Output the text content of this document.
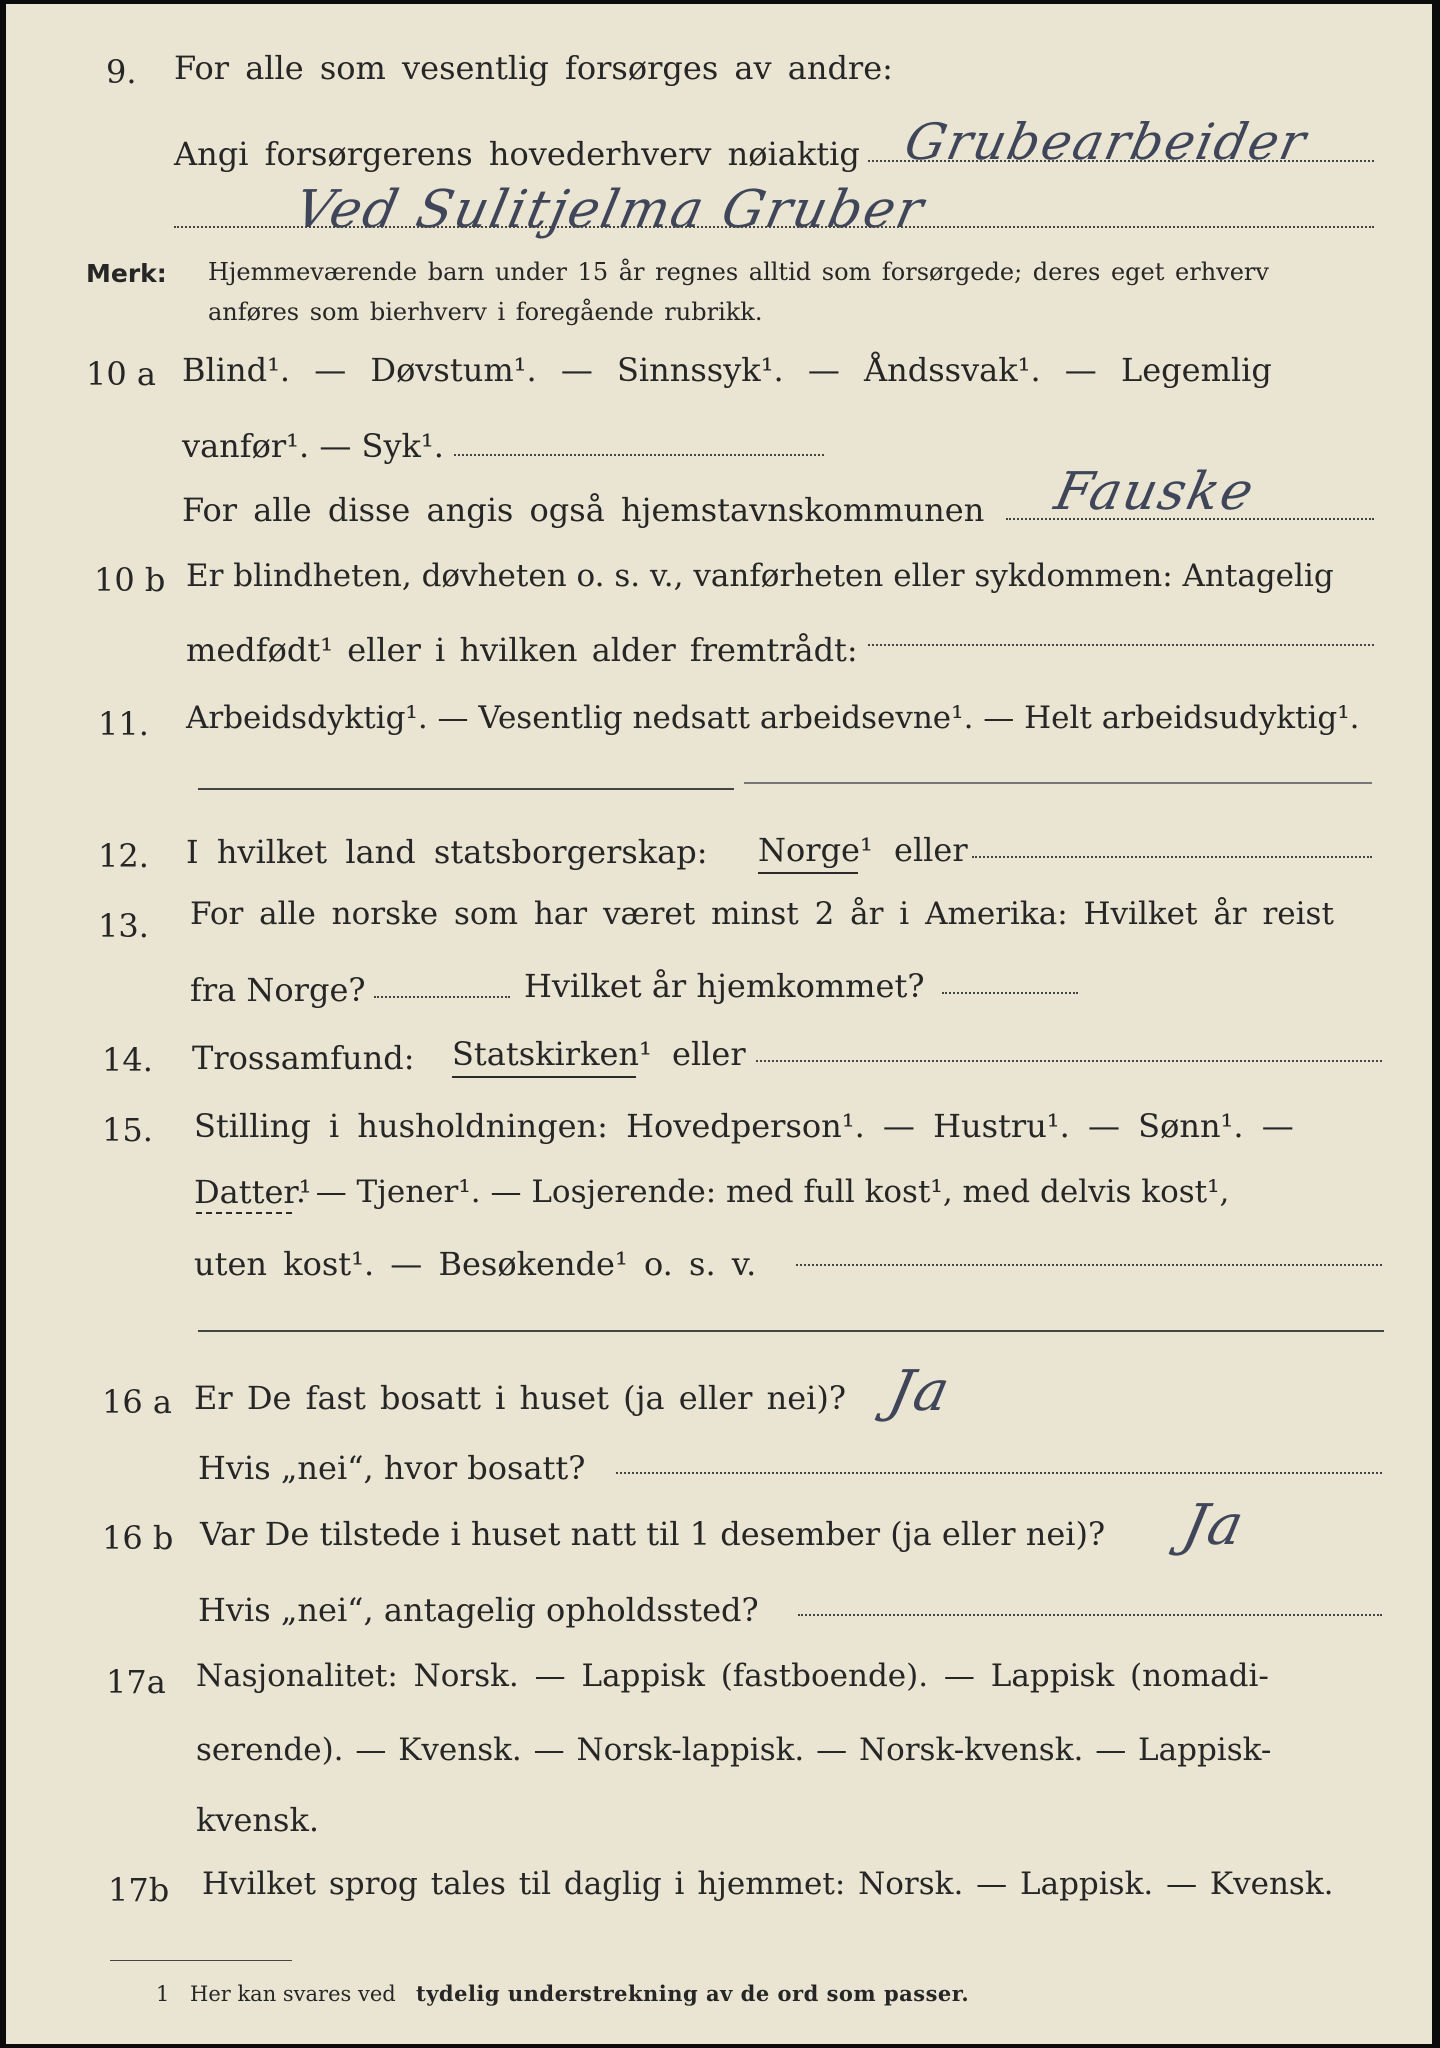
9. For alle som vesentlig forsørges av andre:
Angi forsørgerens hovederhverv nøiaktig Grubearbeider
Ved Sulitjelma Gruber
Merk: Hjemmeværende barn under 15 år regnes alltid som forsørgede; deres eget erhverv
anføres som bierhverv i foregående rubrikk.
10 a Blind¹. — Døvstum¹. — Sinnssyk¹. — Åndssvak¹. — Legemlig
vanfør¹. — Syk¹.
For alle disse angis også hjemstavnskommunen Fauske
10 b Er blindheten, døvheten o. s. v., vanførheten eller sykdommen: Antagelig
medfødt¹ eller i hvilken alder fremtrådt:
11. Arbeidsdyktig¹. — Vesentlig nedsatt arbeidsevne¹. — Helt arbeidsudyktig¹.
12. I hvilket land statsborgerskap: Norge¹ eller
13. For alle norske som har været minst 2 år i Amerika: Hvilket år reist
fra Norge?	Hvilket år hjemkommet?
14. Trossamfund: Statskirken¹ eller
15. Stilling i husholdningen: Hovedperson¹. — Hustru¹. — Sønn¹. —
Datter¹
. — Tjener¹. — Losjerende: med full kost¹, med delvis kost¹,
uten kost¹. — Besøkende¹ o. s. v.
16 a Er De fast bosatt i huset (ja eller nei)? Ja
Hvis „nei“, hvor bosatt?
16 b Var De tilstede i huset natt til 1 desember (ja eller nei)? Ja
Hvis „nei“, antagelig opholdssted?
17a Nasjonalitet: Norsk. — Lappisk (fastboende). — Lappisk (nomadi-
serende). — Kvensk. — Norsk-lappisk. — Norsk-kvensk. — Lappisk-
kvensk.
17b Hvilket sprog tales til daglig i hjemmet: Norsk. — Lappisk. — Kvensk.
1 Her kan svares ved tydelig understrekning av de ord som passer.
